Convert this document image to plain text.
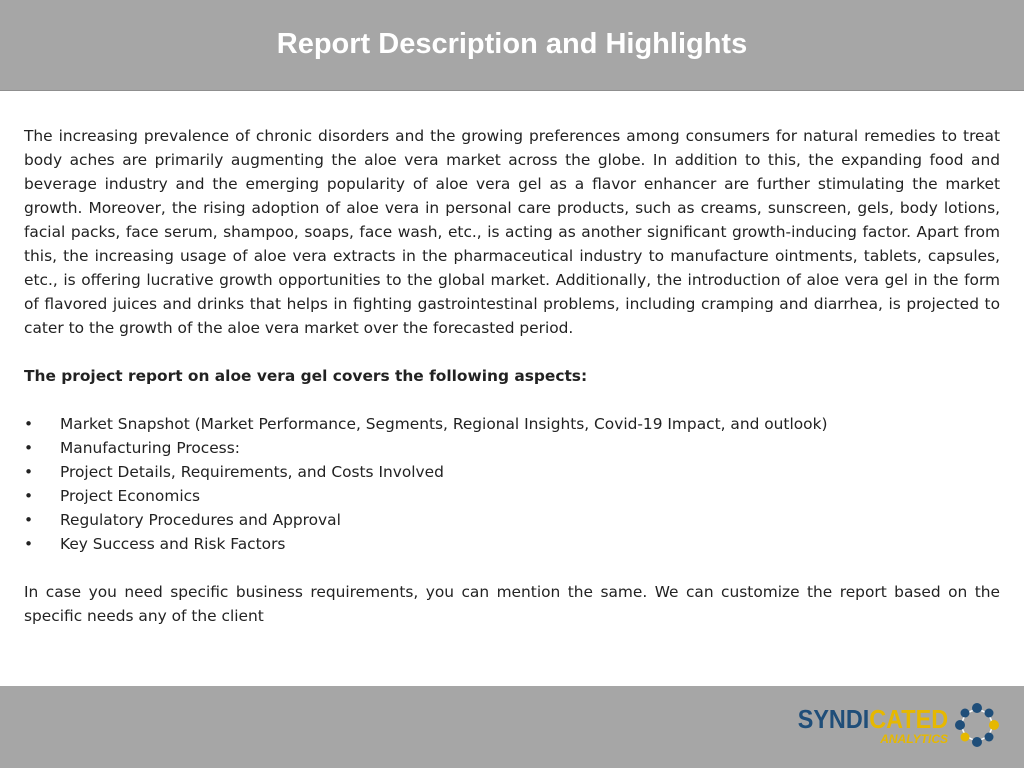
Report Description and Highlights

The increasing prevalence of chronic disorders and the growing preferences among consumers for natural remedies to treat body aches are primarily augmenting the aloe vera market across the globe. In addition to this, the expanding food and beverage industry and the emerging popularity of aloe vera gel as a flavor enhancer are further stimulating the market growth. Moreover, the rising adoption of aloe vera in personal care products, such as creams, sunscreen, gels, body lotions, facial packs, face serum, shampoo, soaps, face wash, etc., is acting as another significant growth-inducing factor. Apart from this, the increasing usage of aloe vera extracts in the pharmaceutical industry to manufacture ointments, tablets, capsules, etc., is offering lucrative growth opportunities to the global market. Additionally, the introduction of aloe vera gel in the form of flavored juices and drinks that helps in fighting gastrointestinal problems, including cramping and diarrhea, is projected to cater to the growth of the aloe vera market over the forecasted period.

The project report on aloe vera gel covers the following aspects:

•	Market Snapshot (Market Performance, Segments, Regional Insights, Covid-19 Impact, and outlook)
•	Manufacturing Process:
•	Project Details, Requirements, and Costs Involved
•	Project Economics
•	Regulatory Procedures and Approval
•	Key Success and Risk Factors

In case you need specific business requirements, you can mention the same. We can customize the report based on the specific needs any of the client

SYNDICATED
ANALYTICS
